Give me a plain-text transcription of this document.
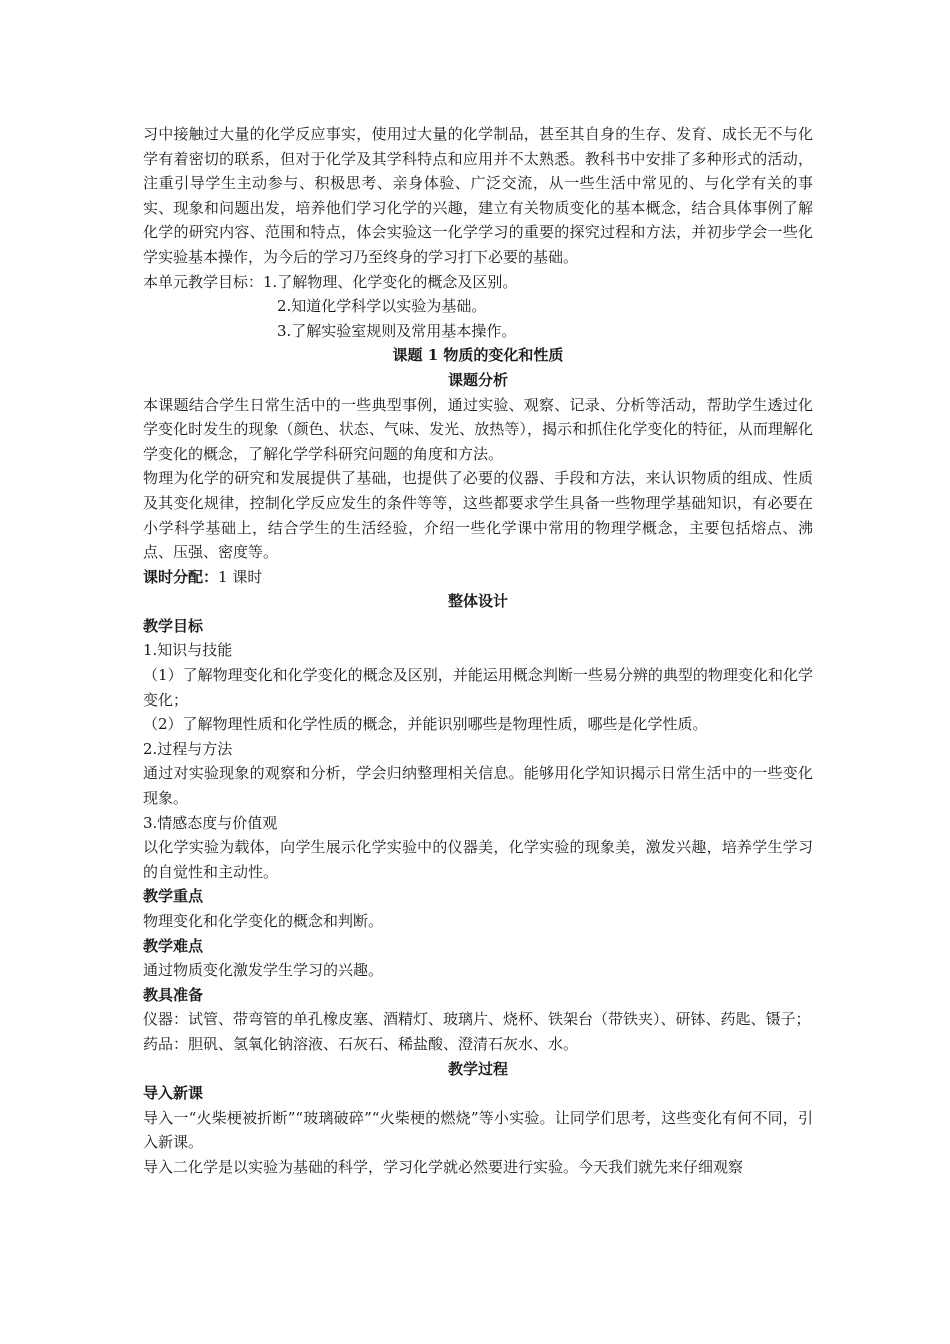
习中接触过大量的化学反应事实，使用过大量的化学制品，甚至其自身的生存、发育、成长无不与化学有着密切的联系，但对于化学及其学科特点和应用并不太熟悉。教科书中安排了多种形式的活动，注重引导学生主动参与、积极思考、亲身体验、广泛交流，从一些生活中常见的、与化学有关的事实、现象和问题出发，培养他们学习化学的兴趣，建立有关物质变化的基本概念，结合具体事例了解化学的研究内容、范围和特点，体会实验这一化学学习的重要的探究过程和方法，并初步学会一些化学实验基本操作，为今后的学习乃至终身的学习打下必要的基础。

本单元教学目标：1.了解物理、化学变化的概念及区别。

2.知道化学科学以实验为基础。

3.了解实验室规则及常用基本操作。

课题 1 物质的变化和性质

课题分析

本课题结合学生日常生活中的一些典型事例，通过实验、观察、记录、分析等活动，帮助学生透过化学变化时发生的现象（颜色、状态、气味、发光、放热等），揭示和抓住化学变化的特征，从而理解化学变化的概念，了解化学学科研究问题的角度和方法。

物理为化学的研究和发展提供了基础，也提供了必要的仪器、手段和方法，来认识物质的组成、性质及其变化规律，控制化学反应发生的条件等等，这些都要求学生具备一些物理学基础知识，有必要在小学科学基础上，结合学生的生活经验，介绍一些化学课中常用的物理学概念，主要包括熔点、沸点、压强、密度等。

课时分配：1 课时

整体设计

教学目标

1.知识与技能

（1）了解物理变化和化学变化的概念及区别，并能运用概念判断一些易分辨的典型的物理变化和化学变化；

（2）了解物理性质和化学性质的概念，并能识别哪些是物理性质，哪些是化学性质。

2.过程与方法

通过对实验现象的观察和分析，学会归纳整理相关信息。能够用化学知识揭示日常生活中的一些变化现象。

3.情感态度与价值观

以化学实验为载体，向学生展示化学实验中的仪器美，化学实验的现象美，激发兴趣，培养学生学习的自觉性和主动性。

教学重点

物理变化和化学变化的概念和判断。

教学难点

通过物质变化激发学生学习的兴趣。

教具准备

仪器：试管、带弯管的单孔橡皮塞、酒精灯、玻璃片、烧杯、铁架台（带铁夹）、研钵、药匙、镊子；

药品：胆矾、氢氧化钠溶液、石灰石、稀盐酸、澄清石灰水、水。

教学过程

导入新课

导入一“火柴梗被折断”“玻璃破碎”“火柴梗的燃烧”等小实验。让同学们思考，这些变化有何不同，引入新课。

导入二化学是以实验为基础的科学，学习化学就必然要进行实验。今天我们就先来仔细观察
